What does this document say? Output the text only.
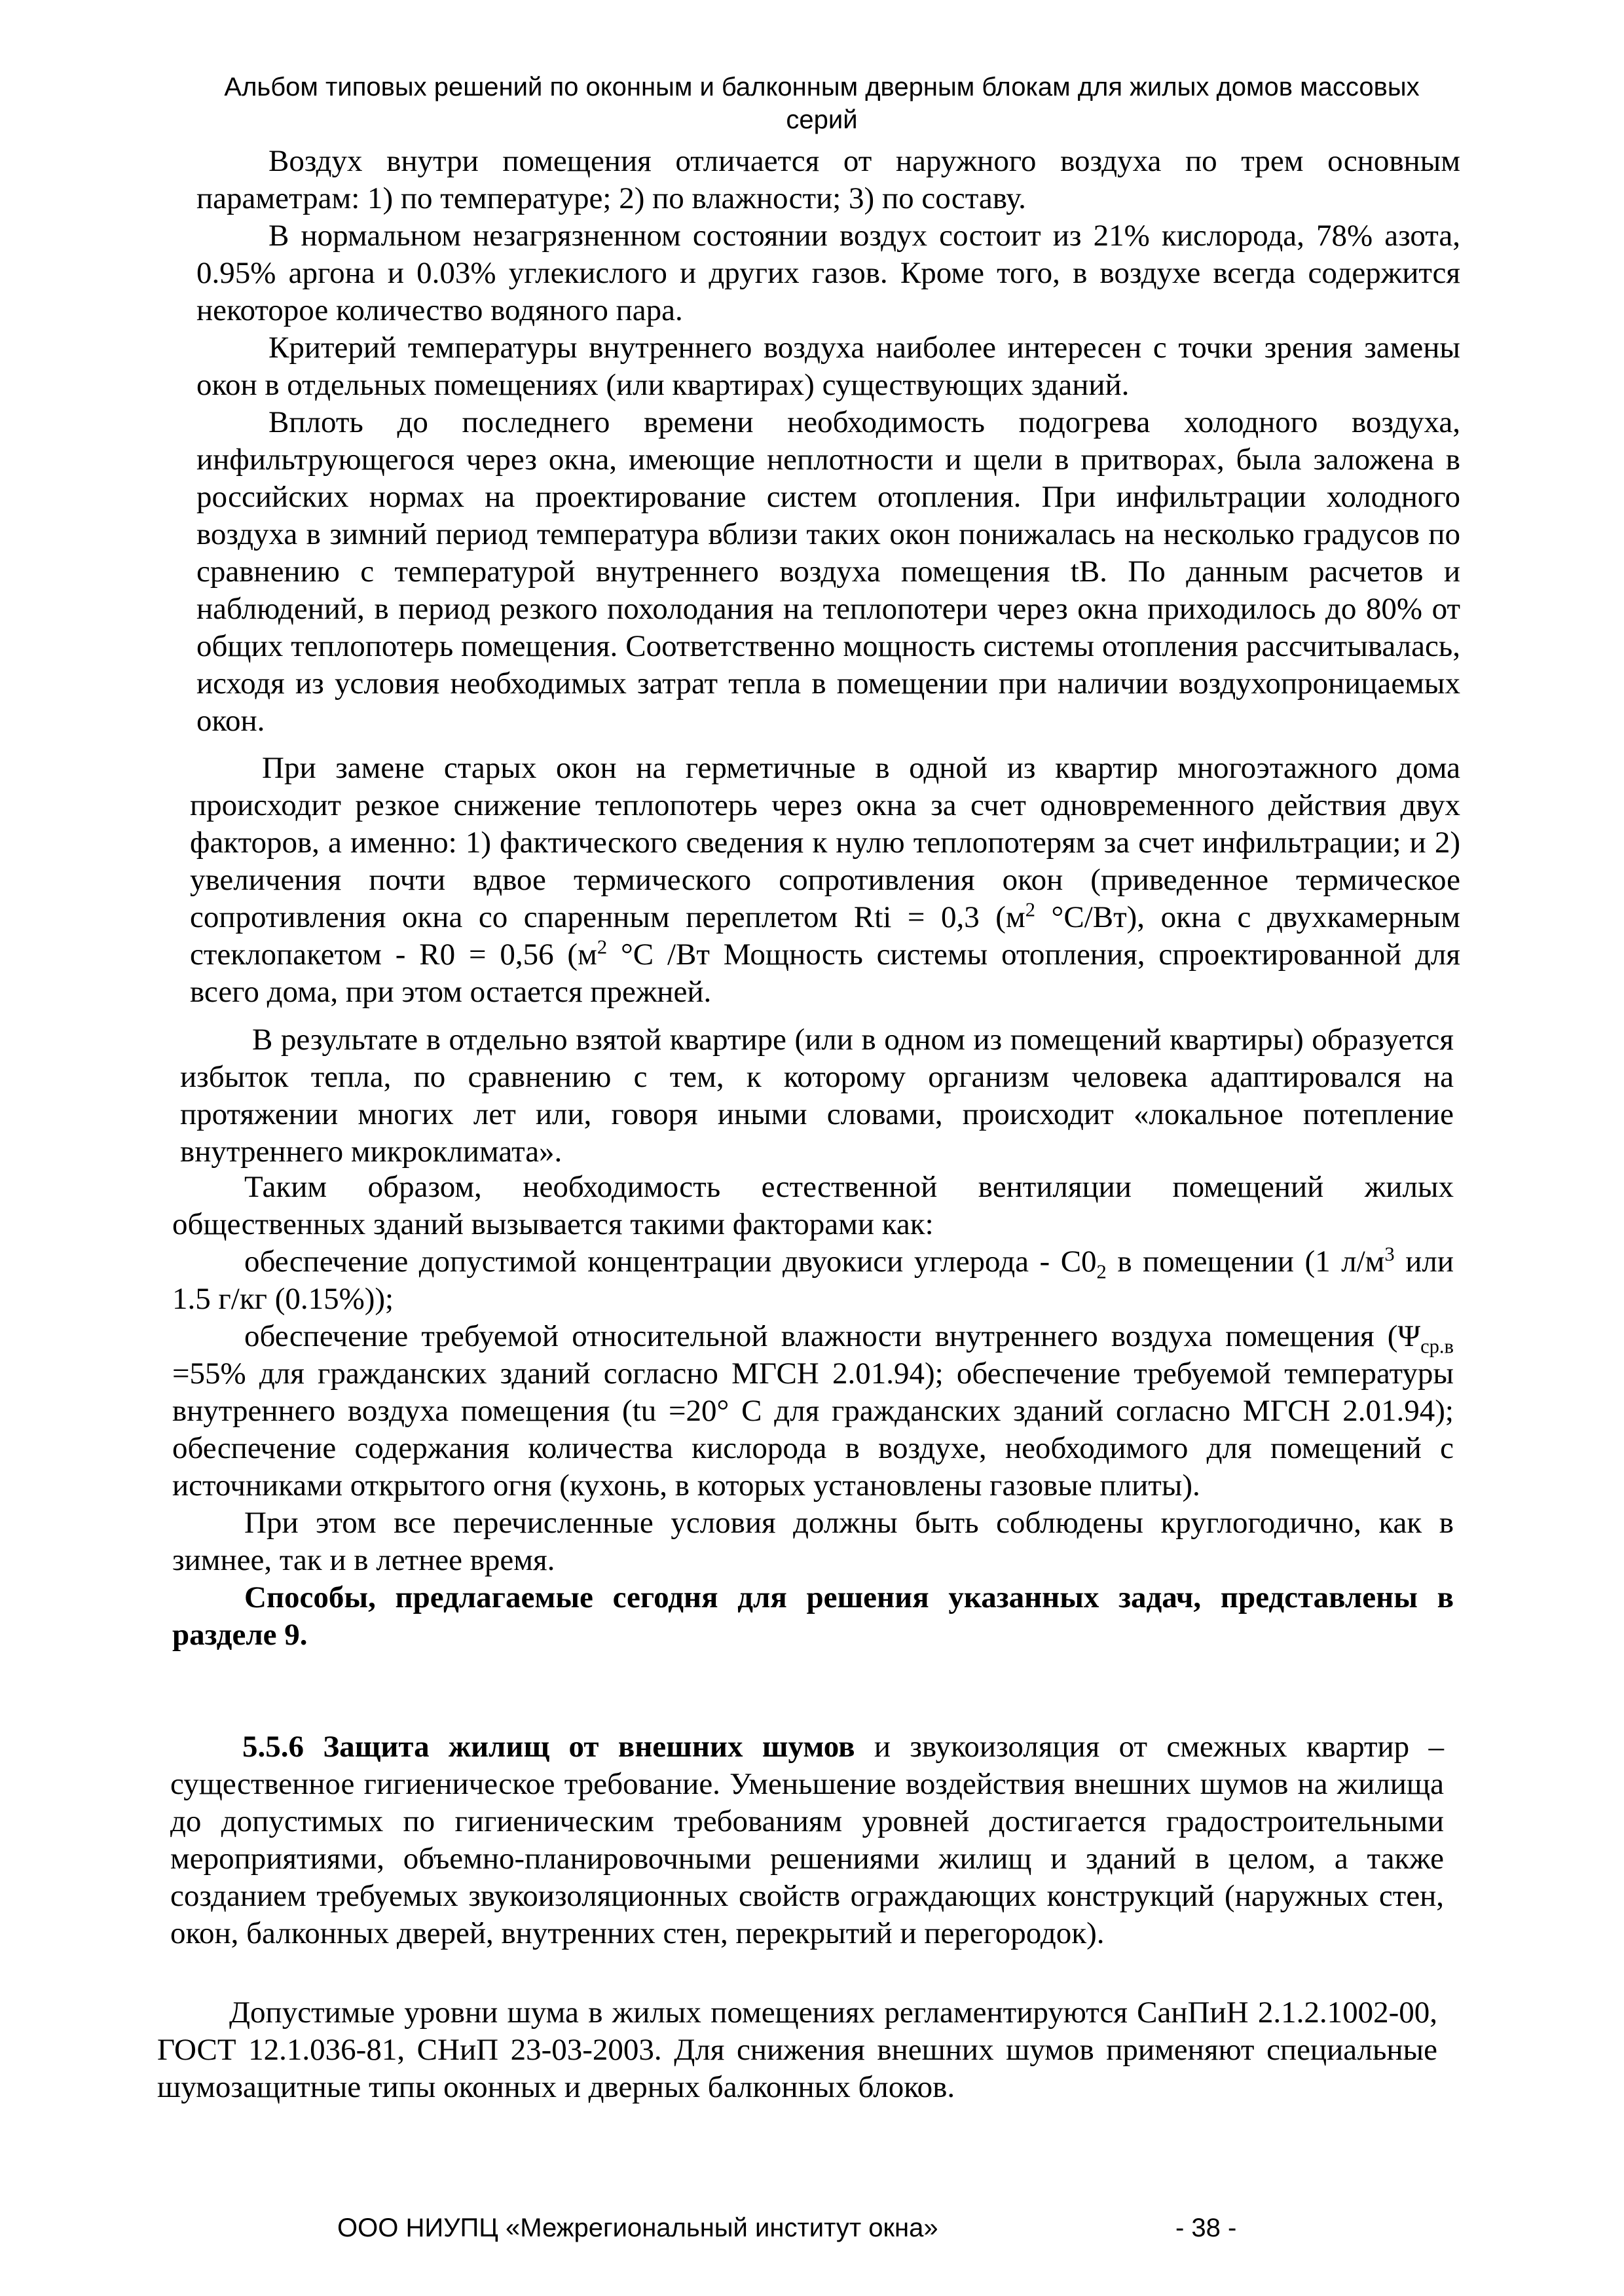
Альбом типовых решений по оконным и балконным дверным блокам для жилых домов массовых
серий

Воздух внутри помещения отличается от наружного воздуха по трем основным параметрам: 1) по температуре; 2) по влажности; 3) по составу.

В нормальном незагрязненном состоянии воздух состоит из 21% кислорода, 78% азота, 0.95% аргона и 0.03% углекислого и других газов. Кроме того, в воздухе всегда содержится некоторое количество водяного пара.

Критерий температуры внутреннего воздуха наиболее интересен с точки зрения замены окон в отдельных помещениях (или квартирах) существующих зданий.

Вплоть до последнего времени необходимость подогрева холодного воздуха, инфильтрующегося через окна, имеющие неплотности и щели в притворах, была заложена в российских нормах на проектирование систем отопления. При инфильтрации холодного воздуха в зимний период температура вблизи таких окон понижалась на несколько градусов по сравнению с температурой внутреннего воздуха помещения tB. По данным расчетов и наблюдений, в период резкого похолодания на теплопотери через окна приходилось до 80% от общих теплопотерь помещения. Соответственно мощность системы отопления рассчитывалась, исходя из условия необходимых затрат тепла в помещении при наличии воздухопроницаемых окон.

При замене старых окон на герметичные в одной из квартир многоэтажного дома происходит резкое снижение теплопотерь через окна за счет одновременного действия двух факторов, а именно: 1) фактического сведения к нулю теплопотерям за счет инфильтрации; и 2) увеличения почти вдвое термического сопротивления окон (приведенное термическое сопротивления окна со спаренным переплетом Rti = 0,3 ($м^2$ °С/Вт), окна с двухкамерным стеклопакетом - R0 = 0,56 ($м^2$ °С /Вт Мощность системы отопления, спроектированной для всего дома, при этом остается прежней.

В результате в отдельно взятой квартире (или в одном из помещений квартиры) образуется избыток тепла, по сравнению с тем, к которому организм человека адаптировался на протяжении многих лет или, говоря иными словами, происходит «локальное потепление внутреннего микроклимата».

Таким образом, необходимость естественной вентиляции помещений жилых общественных зданий вызывается такими факторами как:

обеспечение допустимой концентрации двуокиси углерода - $С0_2$ в помещении (1 $л/м^3$ или 1.5 г/кг (0.15%));

обеспечение требуемой относительной влажности внутреннего воздуха помещения ($\Psi_{ср.в} =55\%$ для гражданских зданий согласно МГСН 2.01.94); обеспечение требуемой температуры внутреннего воздуха помещения (tu =20° С для гражданских зданий согласно МГСН 2.01.94); обеспечение содержания количества кислорода в воздухе, необходимого для помещений с источниками открытого огня (кухонь, в которых установлены газовые плиты).

При этом все перечисленные условия должны быть соблюдены круглогодично, как в зимнее, так и в летнее время.

Способы, предлагаемые сегодня для решения указанных задач, представлены в разделе 9.

5.5.6 Защита жилищ от внешних шумов и звукоизоляция от смежных квартир – существенное гигиеническое требование. Уменьшение воздействия внешних шумов на жилища до допустимых по гигиеническим требованиям уровней достигается градостроительными мероприятиями, объемно-планировочными решениями жилищ и зданий в целом, а также созданием требуемых звукоизоляционных свойств ограждающих конструкций (наружных стен, окон, балконных дверей, внутренних стен, перекрытий и перегородок).

Допустимые уровни шума в жилых помещениях регламентируются СанПиН 2.1.2.1002-00, ГОСТ 12.1.036-81, СНиП 23-03-2003. Для снижения внешних шумов применяют специальные шумозащитные типы оконных и дверных балконных блоков.

ООО НИУПЦ «Межрегиональный институт окна»	- 38 -
